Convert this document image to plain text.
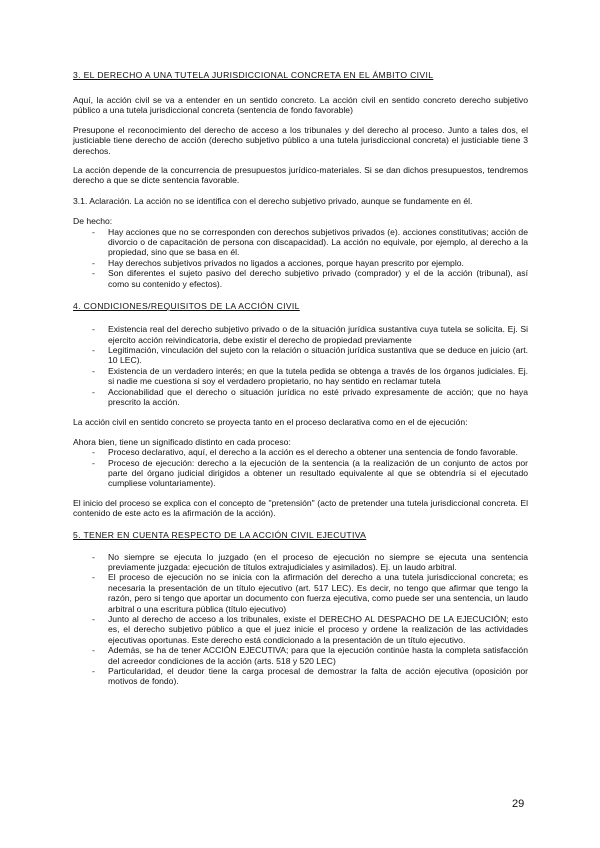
3. EL DERECHO A UNA TUTELA JURISDICCIONAL CONCRETA EN EL ÁMBITO CIVIL

Aquí, la acción civil se va a entender en un sentido concreto. La acción civil en sentido concreto derecho subjetivo público a una tutela jurisdiccional concreta (sentencia de fondo favorable)

Presupone el reconocimiento del derecho de acceso a los tribunales y del derecho al proceso. Junto a tales dos, el justiciable tiene derecho de acción (derecho subjetivo público a una tutela jurisdiccional concreta) el justiciable tiene 3 derechos.

La acción depende de la concurrencia de presupuestos jurídico-materiales. Si se dan dichos presupuestos, tendremos derecho a que se dicte sentencia favorable.

3.1. Aclaración. La acción no se identifica con el derecho subjetivo privado, aunque se fundamente en él.

De hecho:

- Hay acciones que no se corresponden con derechos subjetivos privados (e). acciones constitutivas; acción de divorcio o de capacitación de persona con discapacidad). La acción no equivale, por ejemplo, al derecho a la propiedad, sino que se basa en él.
- Hay derechos subjetivos privados no ligados a acciones, porque hayan prescrito por ejemplo.
- Son diferentes el sujeto pasivo del derecho subjetivo privado (comprador) y el de la acción (tribunal), así como su contenido y efectos).

4. CONDICIONES/REQUISITOS DE LA ACCIÓN CIVIL

- Existencia real del derecho subjetivo privado o de la situación jurídica sustantiva cuya tutela se solicita. Ej. Si ejercito acción reivindicatoria, debe existir el derecho de propiedad previamente
- Legitimación, vinculación del sujeto con la relación o situación jurídica sustantiva que se deduce en juicio (art. 10 LEC).
- Existencia de un verdadero interés; en que la tutela pedida se obtenga a través de los órganos judiciales. Ej. si nadie me cuestiona si soy el verdadero propietario, no hay sentido en reclamar tutela
- Accionabilidad que el derecho o situación jurídica no esté privado expresamente de acción; que no haya prescrito la acción.

La acción civil en sentido concreto se proyecta tanto en el proceso declarativa como en el de ejecución:

Ahora bien, tiene un significado distinto en cada proceso:

- Proceso declarativo, aquí, el derecho a la acción es el derecho a obtener una sentencia de fondo favorable.
- Proceso de ejecución: derecho a la ejecución de la sentencia (a la realización de un conjunto de actos por parte del órgano judicial dirigidos a obtener un resultado equivalente al que se obtendría si el ejecutado cumpliese voluntariamente).

El inicio del proceso se explica con el concepto de "pretensión" (acto de pretender una tutela jurisdiccional concreta. El contenido de este acto es la afirmación de la acción).

5. TENER EN CUENTA RESPECTO DE LA ACCIÓN CIVIL EJECUTIVA

- No siempre se ejecuta lo juzgado (en el proceso de ejecución no siempre se ejecuta una sentencia previamente juzgada: ejecución de títulos extrajudiciales y asimilados). Ej. un laudo arbitral.
- El proceso de ejecución no se inicia con la afirmación del derecho a una tutela jurisdiccional concreta; es necesaria la presentación de un título ejecutivo (art. 517 LEC). Es decir, no tengo que afirmar que tengo la razón, pero si tengo que aportar un documento con fuerza ejecutiva, como puede ser una sentencia, un laudo arbitral o una escritura pública (título ejecutivo)
- Junto al derecho de acceso a los tribunales, existe el DERECHO AL DESPACHO DE LA EJECUCIÓN; esto es, el derecho subjetivo público a que el juez inicie el proceso y ordene la realización de las actividades ejecutivas oportunas. Este derecho está condicionado a la presentación de un título ejecutivo.
- Además, se ha de tener ACCIÓN EJECUTIVA; para que la ejecución continúe hasta la completa satisfacción del acreedor condiciones de la acción (arts. 518 y 520 LEC)
- Particularidad, el deudor tiene la carga procesal de demostrar la falta de acción ejecutiva (oposición por motivos de fondo).
29
